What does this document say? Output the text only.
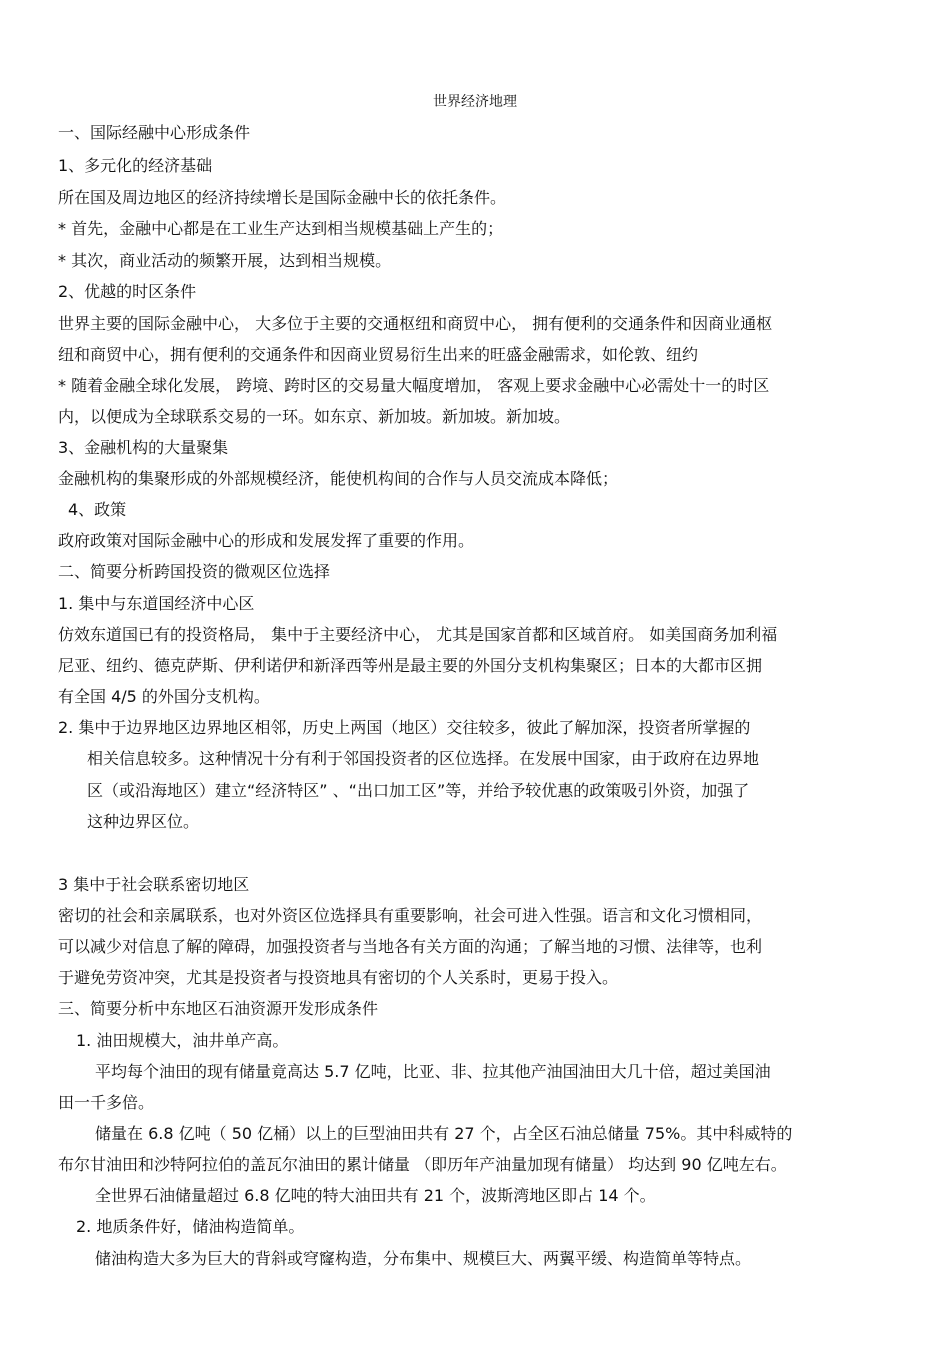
世界经济地理
一、国际经融中心形成条件
1、多元化的经济基础
所在国及周边地区的经济持续增长是国际金融中长的依托条件。
* 首先，金融中心都是在工业生产达到相当规模基础上产生的；
* 其次，商业活动的频繁开展，达到相当规模。
2、优越的时区条件
世界主要的国际金融中心， 大多位于主要的交通枢纽和商贸中心， 拥有便利的交通条件和因商业通枢
纽和商贸中心，拥有便利的交通条件和因商业贸易衍生出来的旺盛金融需求，如伦敦、纽约
* 随着金融全球化发展， 跨境、跨时区的交易量大幅度增加， 客观上要求金融中心必需处十一的时区
内，以便成为全球联系交易的一环。如东京、新加坡。新加坡。新加坡。
3、金融机构的大量聚集
金融机构的集聚形成的外部规模经济，能使机构间的合作与人员交流成本降低；
4、政策
政府政策对国际金融中心的形成和发展发挥了重要的作用。
二、简要分析跨国投资的微观区位选择
1. 集中与东道国经济中心区
仿效东道国已有的投资格局， 集中于主要经济中心， 尤其是国家首都和区域首府。 如美国商务加利福
尼亚、纽约、德克萨斯、伊利诺伊和新泽西等州是最主要的外国分支机构集聚区；日本的大都市区拥
有全国 4/5 的外国分支机构。
2. 集中于边界地区边界地区相邻，历史上两国（地区）交往较多，彼此了解加深，投资者所掌握的
相关信息较多。这种情况十分有利于邻国投资者的区位选择。在发展中国家，由于政府在边界地
区（或沿海地区）建立“经济特区” 、“出口加工区”等，并给予较优惠的政策吸引外资，加强了
这种边界区位。
3 集中于社会联系密切地区
密切的社会和亲属联系，也对外资区位选择具有重要影响，社会可进入性强。语言和文化习惯相同，
可以减少对信息了解的障碍，加强投资者与当地各有关方面的沟通；了解当地的习惯、法律等，也利
于避免劳资冲突，尤其是投资者与投资地具有密切的个人关系时，更易于投入。
三、简要分析中东地区石油资源开发形成条件
1. 油田规模大，油井单产高。
平均每个油田的现有储量竟高达 5.7 亿吨，比亚、非、拉其他产油国油田大几十倍，超过美国油
田一千多倍。
储量在 6.8 亿吨（ 50 亿桶）以上的巨型油田共有 27 个，占全区石油总储量 75%。其中科威特的
布尔甘油田和沙特阿拉伯的盖瓦尔油田的累计储量 （即历年产油量加现有储量） 均达到 90 亿吨左右。
全世界石油储量超过 6.8 亿吨的特大油田共有 21 个，波斯湾地区即占 14 个。
2. 地质条件好，储油构造简单。
储油构造大多为巨大的背斜或穹窿构造，分布集中、规模巨大、两翼平缓、构造简单等特点。
